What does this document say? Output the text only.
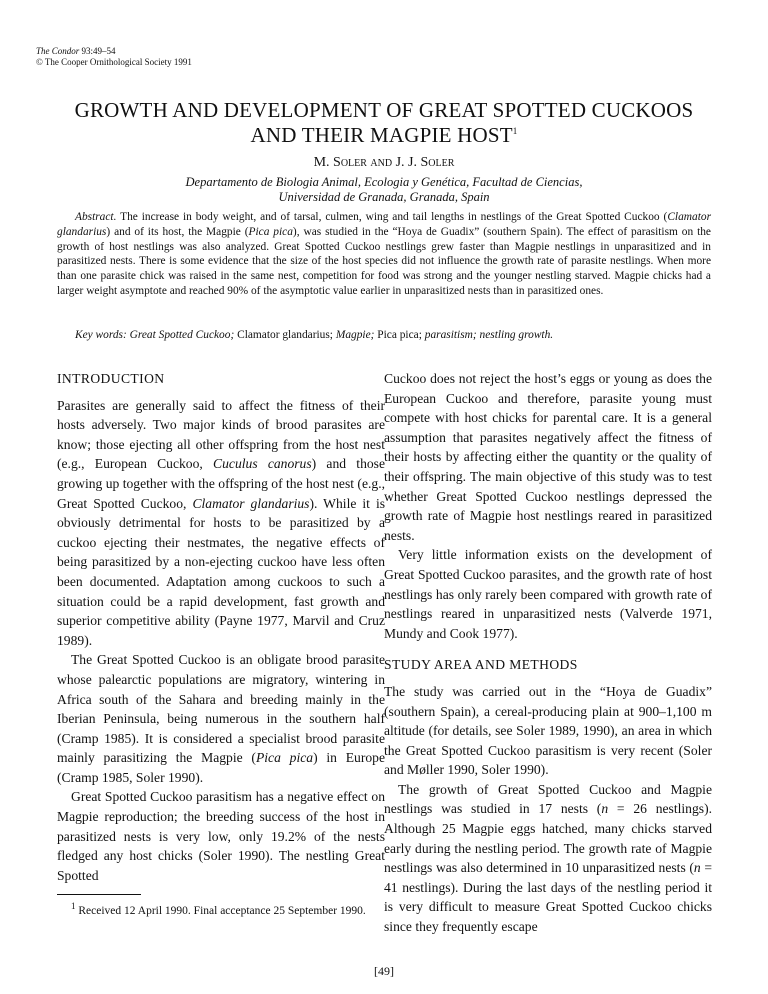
The Condor 93:49–54
© The Cooper Ornithological Society 1991
GROWTH AND DEVELOPMENT OF GREAT SPOTTED CUCKOOS
AND THEIR MAGPIE HOST$^1$
M. Soler and J. J. Soler
Departamento de Biologia Animal, Ecologia y Genética, Facultad de Ciencias,
Universidad de Granada, Granada, Spain

Abstract. The increase in body weight, and of tarsal, culmen, wing and tail lengths in nestlings of the Great Spotted Cuckoo (Clamator glandarius) and of its host, the Magpie (Pica pica), was studied in the “Hoya de Guadix” (southern Spain). The effect of parasitism on the growth of host nestlings was also analyzed. Great Spotted Cuckoo nestlings grew faster than Magpie nestlings in unparasitized and in parasitized nests. There is some evidence that the size of the host species did not influence the growth rate of parasite nestlings. When more than one parasite chick was raised in the same nest, competition for food was strong and the younger nestling starved. Magpie chicks had a larger weight asymptote and reached 90% of the asymptotic value earlier in unparasitized nests than in parasitized ones.

Key words: Great Spotted Cuckoo; Clamator glandarius; Magpie; Pica pica; parasitism; nestling growth.

INTRODUCTION

Parasites are generally said to affect the fitness of their hosts adversely. Two major kinds of brood parasites are know; those ejecting all other offspring from the host nest (e.g., European Cuckoo, Cuculus canorus) and those growing up together with the offspring of the host nest (e.g., Great Spotted Cuckoo, Clamator glandarius). While it is obviously detrimental for hosts to be parasitized by a cuckoo ejecting their nestmates, the negative effects of being parasitized by a non-ejecting cuckoo have less often been documented. Adaptation among cuckoos to such a situation could be a rapid development, fast growth and superior competitive ability (Payne 1977, Marvil and Cruz 1989).

The Great Spotted Cuckoo is an obligate brood parasite whose palearctic populations are migratory, wintering in Africa south of the Sahara and breeding mainly in the Iberian Peninsula, being numerous in the southern half (Cramp 1985). It is considered a specialist brood parasite mainly parasitizing the Magpie (Pica pica) in Europe (Cramp 1985, Soler 1990).

Great Spotted Cuckoo parasitism has a negative effect on Magpie reproduction; the breeding success of the host in parasitized nests is very low, only 19.2% of the nests fledged any host chicks (Soler 1990). The nestling Great Spotted

Cuckoo does not reject the host’s eggs or young as does the European Cuckoo and therefore, parasite young must compete with host chicks for parental care. It is a general assumption that parasites negatively affect the fitness of their hosts by affecting either the quantity or the quality of their offspring. The main objective of this study was to test whether Great Spotted Cuckoo nestlings depressed the growth rate of Magpie host nestlings reared in parasitized nests.

Very little information exists on the development of Great Spotted Cuckoo parasites, and the growth rate of host nestlings has only rarely been compared with growth rate of nestlings reared in unparasitized nests (Valverde 1971, Mundy and Cook 1977).

STUDY AREA AND METHODS

The study was carried out in the “Hoya de Guadix” (southern Spain), a cereal-producing plain at 900–1,100 m altitude (for details, see Soler 1989, 1990), an area in which the Great Spotted Cuckoo parasitism is very recent (Soler and Møller 1990, Soler 1990).

The growth of Great Spotted Cuckoo and Magpie nestlings was studied in 17 nests (n = 26 nestlings). Although 25 Magpie eggs hatched, many chicks starved early during the nestling period. The growth rate of Magpie nestlings was also determined in 10 unparasitized nests (n = 41 nestlings). During the last days of the nestling period it is very difficult to measure Great Spotted Cuckoo chicks since they frequently escape

$^1$ Received 12 April 1990. Final acceptance 25 September 1990.
[49]
